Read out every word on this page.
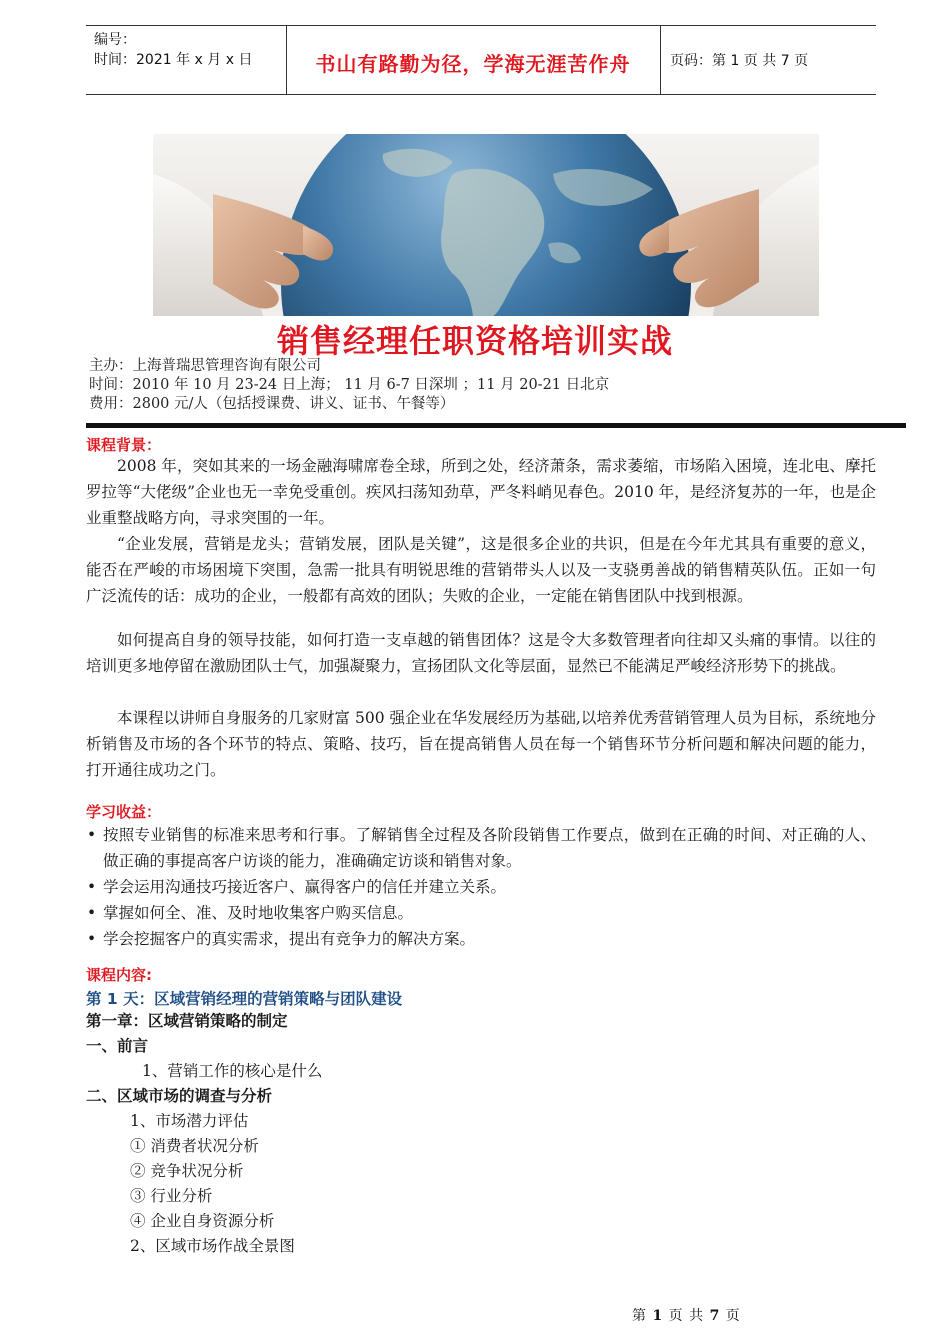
编号：
时间：2021 年 x 月 x 日	书山有路勤为径，学海无涯苦作舟	页码：第 1 页 共 7 页
销售经理任职资格培训实战
主办：上海普瑞思管理咨询有限公司
时间：2010 年 10 月 23-24 日上海； 11 月 6-7 日深圳 ；11 月 20-21 日北京
费用：2800 元/人（包括授课费、讲义、证书、午餐等）
课程背景：

2008 年，突如其来的一场金融海啸席卷全球，所到之处，经济萧条，需求萎缩，市场陷入困境，连北电、摩托罗拉等“大佬级”企业也无一幸免受重创。疾风扫荡知劲草，严冬料峭见春色。2010 年，是经济复苏的一年，也是企业重整战略方向，寻求突围的一年。

“企业发展，营销是龙头；营销发展，团队是关键”，这是很多企业的共识，但是在今年尤其具有重要的意义，能否在严峻的市场困境下突围，急需一批具有明锐思维的营销带头人以及一支骁勇善战的销售精英队伍。正如一句广泛流传的话：成功的企业，一般都有高效的团队；失败的企业，一定能在销售团队中找到根源。

如何提高自身的领导技能，如何打造一支卓越的销售团体？这是令大多数管理者向往却又头痛的事情。以往的培训更多地停留在激励团队士气，加强凝聚力，宣扬团队文化等层面，显然已不能满足严峻经济形势下的挑战。

本课程以讲师自身服务的几家财富 500 强企业在华发展经历为基础,以培养优秀营销管理人员为目标，系统地分析销售及市场的各个环节的特点、策略、技巧，旨在提高销售人员在每一个销售环节分析问题和解决问题的能力，打开通往成功之门。

学习收益：
• 按照专业销售的标准来思考和行事。了解销售全过程及各阶段销售工作要点，做到在正确的时间、对正确的人、做正确的事提高客户访谈的能力，准确确定访谈和销售对象。
• 学会运用沟通技巧接近客户、赢得客户的信任并建立关系。
• 掌握如何全、准、及时地收集客户购买信息。
• 学会挖掘客户的真实需求，提出有竞争力的解决方案。
课程内容:
第 1 天：区域营销经理的营销策略与团队建设
第一章：区域营销策略的制定
一、前言
1、营销工作的核心是什么
二、区域市场的调查与分析
1、市场潜力评估
① 消费者状况分析
② 竞争状况分析
③ 行业分析
④ 企业自身资源分析
2、区域市场作战全景图
第 1 页 共 7 页
